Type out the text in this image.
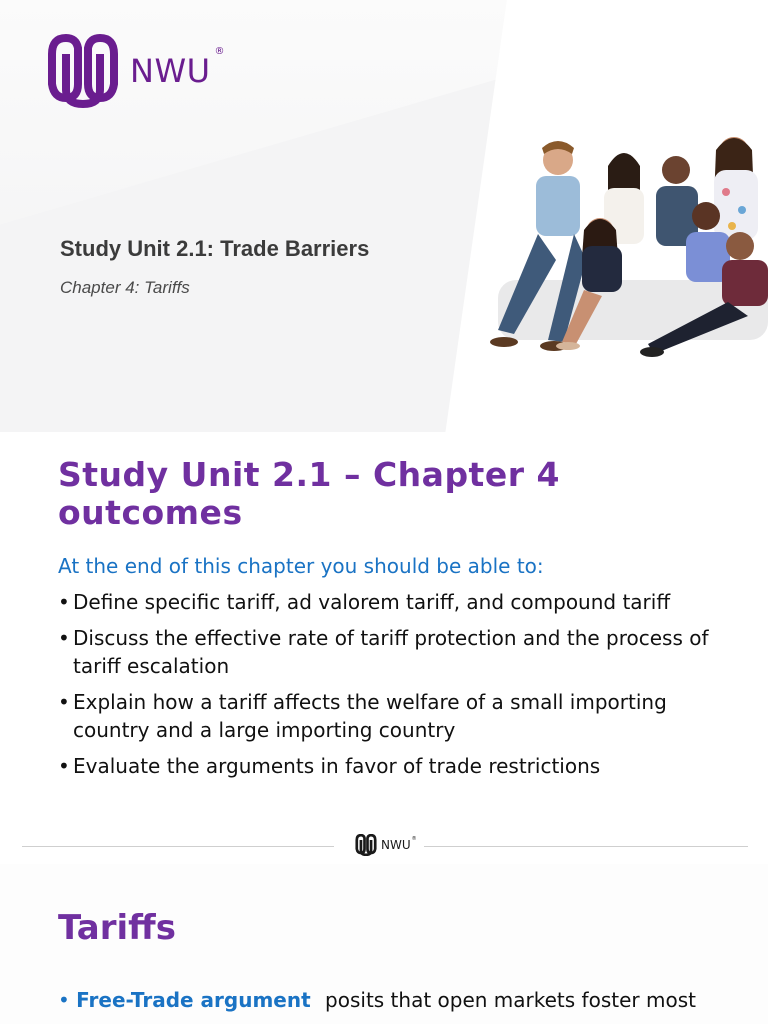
NWU
®
Study Unit 2.1: Trade Barriers
Chapter 4: Tariffs
Study Unit 2.1 – Chapter 4 outcomes
At the end of this chapter you should be able to:
• Define specific tariff, ad valorem tariff, and compound tariff
• Discuss the effective rate of tariff protection and the process of tariff escalation
• Explain how a tariff affects the welfare of a small importing country and a large importing country
• Evaluate the arguments in favor of trade restrictions
NWU ®
Tariffs
• Free-Trade argument posits that open markets foster most
